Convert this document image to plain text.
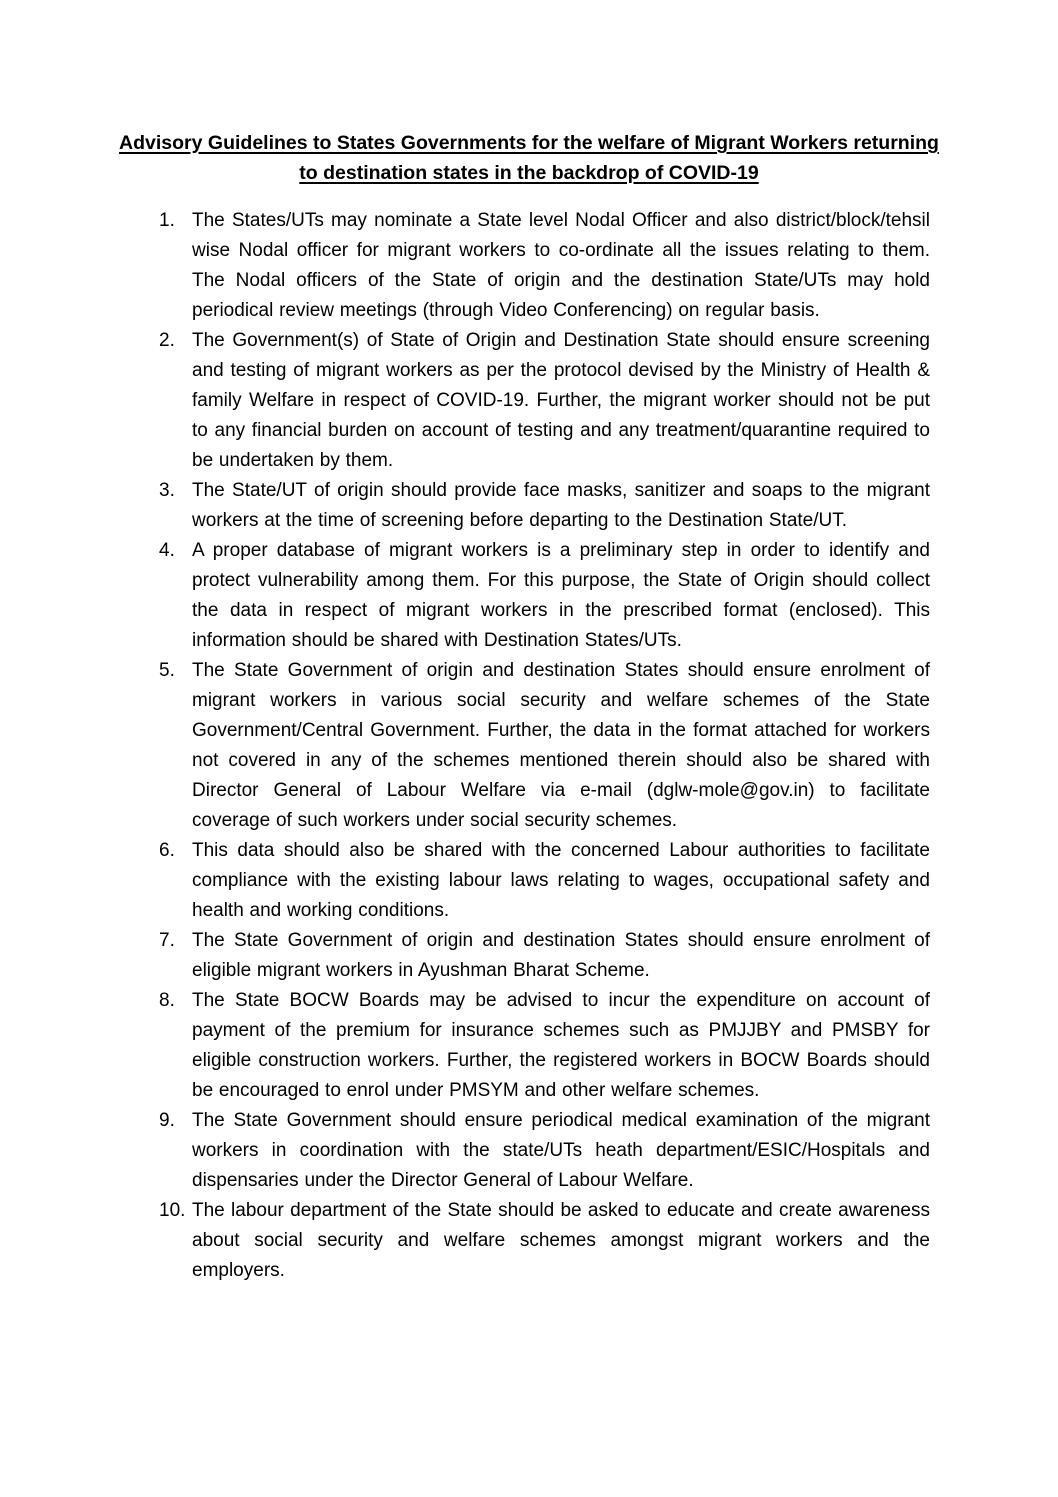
Advisory Guidelines to States Governments for the welfare of Migrant Workers returning
to destination states in the backdrop of COVID-19
1. The States/UTs may nominate a State level Nodal Officer and also district/block/tehsil wise Nodal officer for migrant workers to co-ordinate all the issues relating to them. The Nodal officers of the State of origin and the destination State/UTs may hold periodical review meetings (through Video Conferencing) on regular basis.
2. The Government(s) of State of Origin and Destination State should ensure screening and testing of migrant workers as per the protocol devised by the Ministry of Health & family Welfare in respect of COVID-19. Further, the migrant worker should not be put to any financial burden on account of testing and any treatment/quarantine required to be undertaken by them.
3. The State/UT of origin should provide face masks, sanitizer and soaps to the migrant workers at the time of screening before departing to the Destination State/UT.
4. A proper database of migrant workers is a preliminary step in order to identify and protect vulnerability among them. For this purpose, the State of Origin should collect the data in respect of migrant workers in the prescribed format (enclosed). This information should be shared with Destination States/UTs.
5. The State Government of origin and destination States should ensure enrolment of migrant workers in various social security and welfare schemes of the State Government/Central Government. Further, the data in the format attached for workers not covered in any of the schemes mentioned therein should also be shared with Director General of Labour Welfare via e-mail (dglw-mole@gov.in) to facilitate coverage of such workers under social security schemes.
6. This data should also be shared with the concerned Labour authorities to facilitate compliance with the existing labour laws relating to wages, occupational safety and health and working conditions.
7. The State Government of origin and destination States should ensure enrolment of eligible migrant workers in Ayushman Bharat Scheme.
8. The State BOCW Boards may be advised to incur the expenditure on account of payment of the premium for insurance schemes such as PMJJBY and PMSBY for eligible construction workers. Further, the registered workers in BOCW Boards should be encouraged to enrol under PMSYM and other welfare schemes.
9. The State Government should ensure periodical medical examination of the migrant workers in coordination with the state/UTs heath department/ESIC/Hospitals and dispensaries under the Director General of Labour Welfare.
10. The labour department of the State should be asked to educate and create awareness about social security and welfare schemes amongst migrant workers and the employers.
